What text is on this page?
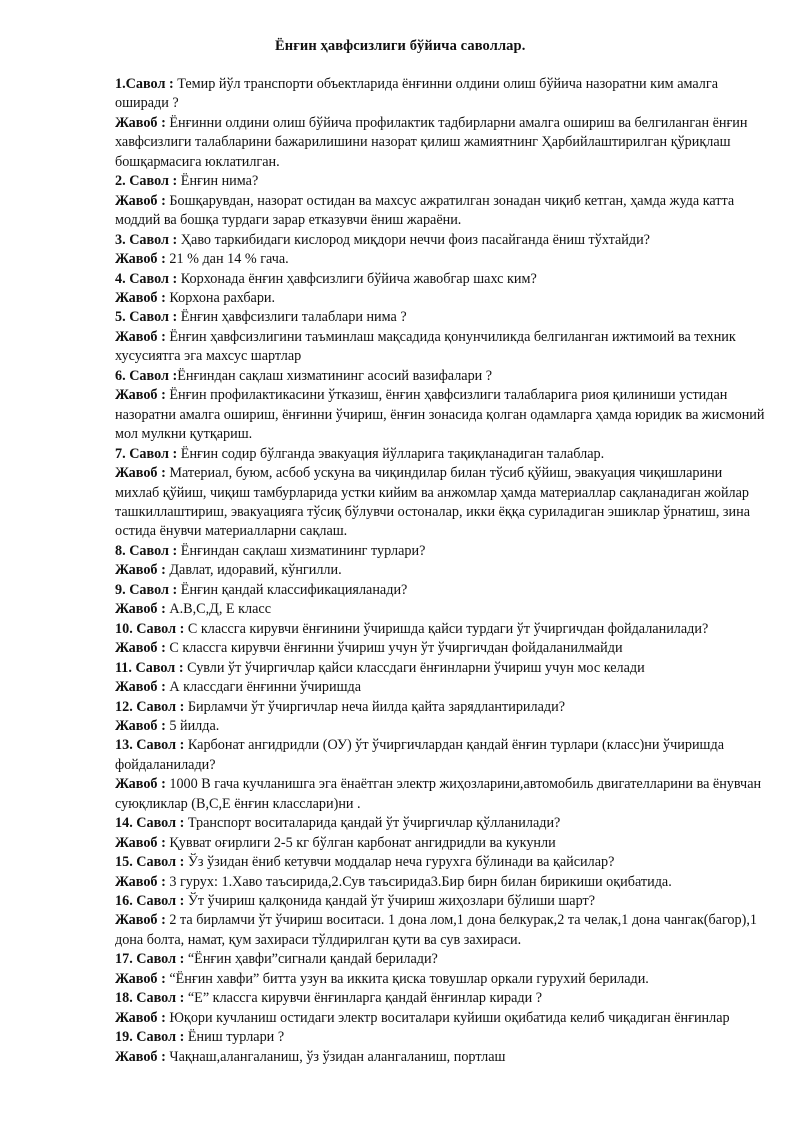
Ёнғин ҳавфсизлиги бўйича саволлар.

1.Савол : Темир йўл транспорти объектларида ёнғинни олдини олиш бўйича назоратни ким амалга оширади ?

Жавоб : Ёнғинни олдини олиш бўйича профилактик тадбирларни амалга ошириш ва белгиланган ёнғин хавфсизлиги талабларини бажарилишини назорат қилиш жамиятнинг Ҳарбийлаштирилган қўриқлаш бошқармасига юклатилган.

2. Савол : Ёнғин нима?

Жавоб : Бошқарувдан, назорат остидан ва махсус ажратилган зонадан чиқиб кетган, ҳамда жуда катта моддий ва бошқа турдаги зарар етказувчи ёниш жараёни.

3. Савол : Ҳаво таркибидаги кислород миқдори неччи фоиз пасайганда ёниш тўхтайди?

Жавоб : 21 % дан 14 % гача.

4. Савол : Корхонада ёнғин ҳавфсизлиги бўйича жавобгар шахс ким?

Жавоб : Корхона рахбари.

5. Савол : Ёнғин ҳавфсизлиги талаблари нима ?

Жавоб : Ёнғин ҳавфсизлигини таъминлаш мақсадида қонунчиликда белгиланган ижтимоий ва техник хусусиятга эга махсус шартлар

6. Савол :Ёнғиндан сақлаш хизматининг асосий вазифалари ?

Жавоб : Ёнғин профилактикасини ўтказиш, ёнғин ҳавфсизлиги талабларига риоя қилиниши устидан назоратни амалга ошириш, ёнғинни ўчириш, ёнғин зонасида қолган одамларга ҳамда юридик ва жисмоний мол мулкни қутқариш.

7. Савол : Ёнғин содир бўлганда эвакуация йўлларига тақиқланадиган талаблар.

Жавоб : Материал, буюм, асбоб ускуна ва чиқиндилар билан тўсиб қўйиш, эвакуация чиқишларини михлаб қўйиш, чиқиш тамбурларида устки кийим ва анжомлар ҳамда материаллар сақланадиган жойлар ташкиллаштириш, эвакуацияга тўсиқ бўлувчи остоналар, икки ёққа суриладиган эшиклар ўрнатиш, зина остида ёнувчи материалларни сақлаш.

8. Савол : Ёнғиндан сақлаш хизматининг турлари?

Жавоб : Давлат, идоравий, кўнгилли.

9. Савол : Ёнғин қандай классификацияланади?

Жавоб : А.В,С,Д, Е класс

10. Савол : С классга кирувчи ёнғинини ўчиришда қайси турдаги ўт ўчиргичдан фойдаланилади?

Жавоб : С классга кирувчи ёнғинни ўчириш учун ўт ўчиргичдан фойдаланилмайди

11. Савол : Сувли ўт ўчиргичлар қайси классдаги ёнғинларни ўчириш учун мос келади

Жавоб : А классдаги ёнғинни ўчиришда

12. Савол : Бирламчи ўт ўчиргичлар неча йилда қайта зарядлантирилади?

Жавоб : 5 йилда.

13. Савол : Карбонат ангидридли (ОУ) ўт ўчиргичлардан қандай ёнғин турлари (класс)ни ўчиришда фойдаланилади?

Жавоб : 1000 В гача кучланишга эга ёнаётган электр жиҳозларини,автомобиль двигателларини ва ёнувчан суюқликлар (В,С,Е ёнғин класслари)ни .

14. Савол : Транспорт воситаларида қандай ўт ўчиргичлар қўлланилади?

Жавоб : Қувват оғирлиги 2-5 кг бўлган карбонат ангидридли ва кукунли

15. Савол : Ўз ўзидан ёниб кетувчи моддалар неча гурухга бўлинади ва қайсилар?

Жавоб : 3 гурух: 1.Хаво таъсирида,2.Сув таъсирида3.Бир бирн билан бирикиши оқибатида.

16. Савол : Ўт ўчириш қалқонида қандай ўт ўчириш жиҳозлари бўлиши шарт?

Жавоб : 2 та бирламчи ўт ўчириш воситаси. 1 дона лом,1 дона белкурак,2 та челак,1 дона чангак(багор),1 дона болта, намат, қум захираси тўлдирилган қути ва сув захираси.

17. Савол : “Ёнғин ҳавфи”сигнали қандай берилади?

Жавоб : “Ёнғин хавфи” битта узун ва иккита қиска товушлар оркали гурухий берилади.

18. Савол : “Е” классга кирувчи ёнғинларга қандай ёнғинлар киради ?

Жавоб : Юқори кучланиш остидаги электр воситалари куйиши оқибатида келиб чиқадиган ёнғинлар

19. Савол : Ёниш турлари ?

Жавоб : Чақнаш,алангаланиш, ўз ўзидан алангаланиш, портлаш
